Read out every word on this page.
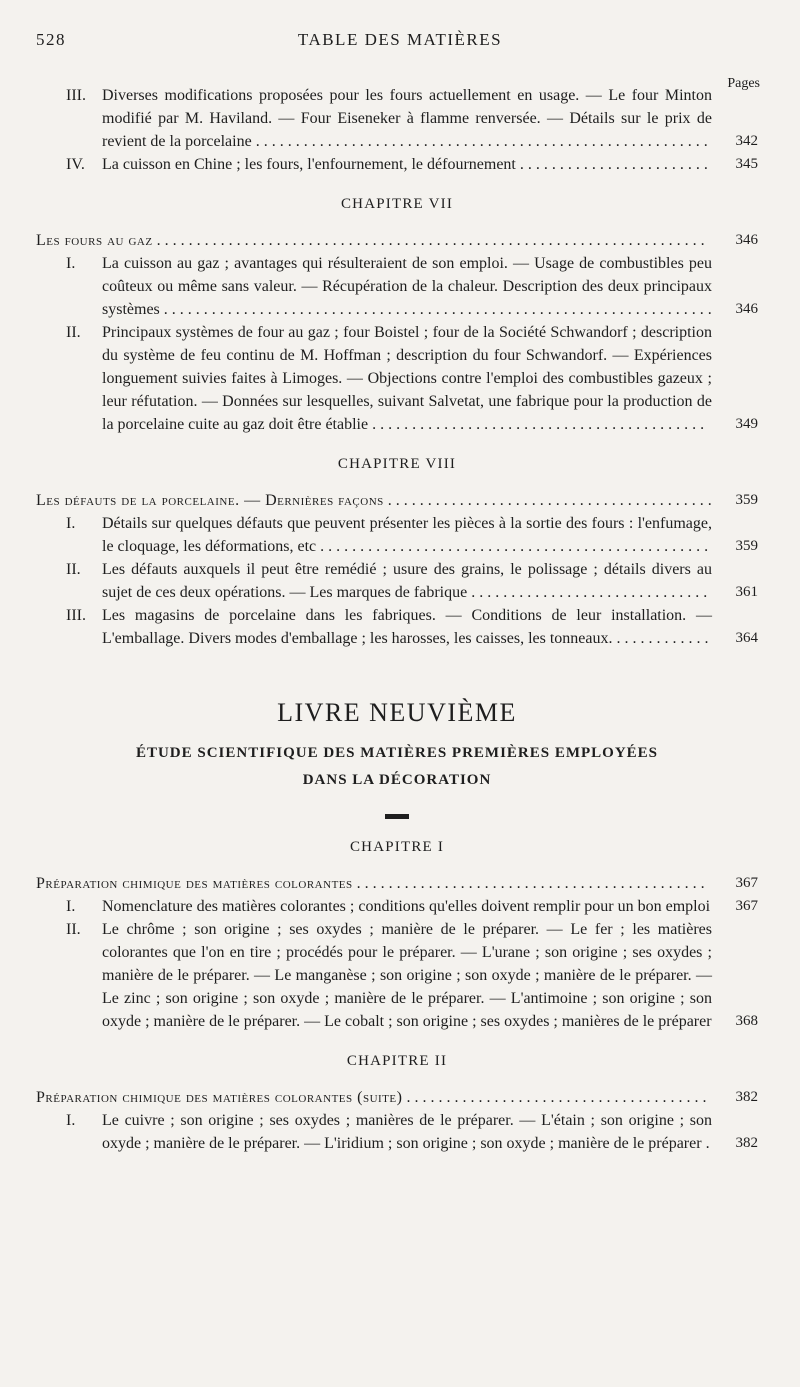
528	TABLE DES MATIÈRES
Pages
III. Diverses modifications proposées pour les fours actuellement en usage. — Le four Minton modifié par M. Haviland. — Four Eiseneker à flamme renversée. — Détails sur le prix de revient de la porcelaine . . . . . . . . . . . . . . . . . . . . . . . . . . . . . . . . . . . . . . . . . . . . . . . . . . . . . . . . .	342
IV. La cuisson en Chine ; les fours, l'enfournement, le défournement . . . . . . . . . . . . . . . . . . . . . . . .	345
CHAPITRE VII
Les fours au gaz . . . . . . . . . . . . . . . . . . . . . . . . . . . . . . . . . . . . . . . . . . . . . . . . . . . . . . . . . . . . . . . . . . . . .	346
I. La cuisson au gaz ; avantages qui résulteraient de son emploi. — Usage de combustibles peu coûteux ou même sans valeur. — Récupération de la chaleur. Description des deux principaux systèmes . . . . . . . . . . . . . . . . . . . . . . . . . . . . . . . . . . . . . . . . . . . . . . . . . . . . . . . . . . . . . . . . . . . . .	346
II. Principaux systèmes de four au gaz ; four Boistel ; four de la Société Schwandorf ; description du système de feu continu de M. Hoffman ; description du four Schwandorf. — Expériences longuement suivies faites à Limoges. — Objections contre l'emploi des combustibles gazeux ; leur réfutation. — Données sur lesquelles, suivant Salvetat, une fabrique pour la production de la porcelaine cuite au gaz doit être établie . . . . . . . . . . . . . . . . . . . . . . . . . . . . . . . . . . . . . . . . . .	349
CHAPITRE VIII
Les défauts de la porcelaine. — Dernières façons . . . . . . . . . . . . . . . . . . . . . . . . . . . . . . . . . . . . . . . . .	359
I. Détails sur quelques défauts que peuvent présenter les pièces à la sortie des fours : l'enfumage, le cloquage, les déformations, etc . . . . . . . . . . . . . . . . . . . . . . . . . . . . . . . . . . . . . . . . . . . . . . . . .	359
II. Les défauts auxquels il peut être remédié ; usure des grains, le polissage ; détails divers au sujet de ces deux opérations. — Les marques de fabrique . . . . . . . . . . . . . . . . . . . . . . . . . . . . . .	361
III. Les magasins de porcelaine dans les fabriques. — Conditions de leur installation. — L'emballage. Divers modes d'emballage ; les harosses, les caisses, les tonneaux. . . . . . . . . . . . .	364
LIVRE NEUVIÈME
ÉTUDE SCIENTIFIQUE DES MATIÈRES PREMIÈRES EMPLOYÉES
DANS LA DÉCORATION
CHAPITRE I
Préparation chimique des matières colorantes . . . . . . . . . . . . . . . . . . . . . . . . . . . . . . . . . . . . . . . . . . . .	367
I. Nomenclature des matières colorantes ; conditions qu'elles doivent remplir pour un bon emploi	367
II. Le chrôme ; son origine ; ses oxydes ; manière de le préparer. — Le fer ; les matières colorantes que l'on en tire ; procédés pour le préparer. — L'urane ; son origine ; ses oxydes ; manière de le préparer. — Le manganèse ; son origine ; son oxyde ; manière de le préparer. — Le zinc ; son origine ; son oxyde ; manière de le préparer. — L'antimoine ; son origine ; son oxyde ; manière de le préparer. — Le cobalt ; son origine ; ses oxydes ; manières de le préparer	368
CHAPITRE II
Préparation chimique des matières colorantes (suite) . . . . . . . . . . . . . . . . . . . . . . . . . . . . . . . . . . . . . .	382
I. Le cuivre ; son origine ; ses oxydes ; manières de le préparer. — L'étain ; son origine ; son oxyde ; manière de le préparer. — L'iridium ; son origine ; son oxyde ; manière de le préparer .	382
